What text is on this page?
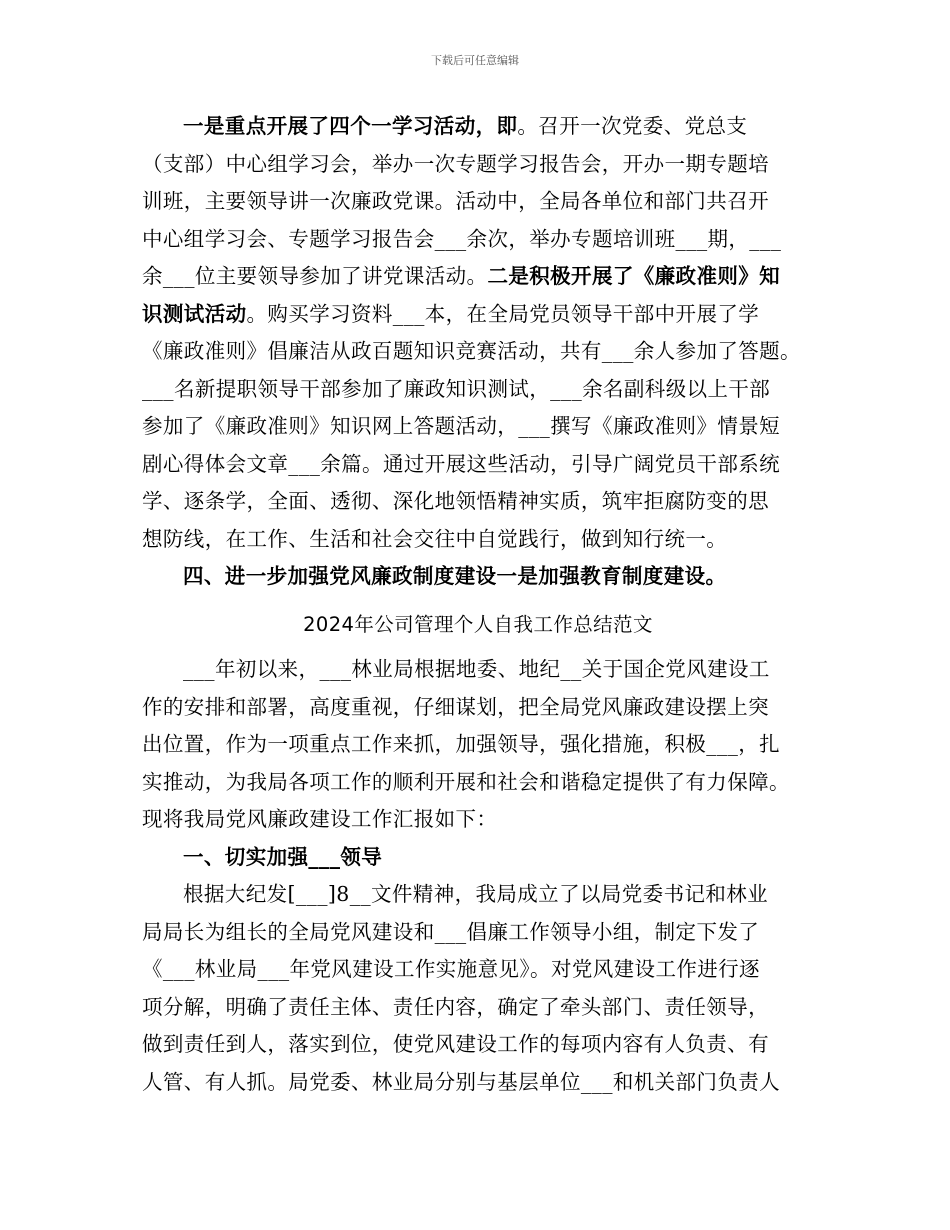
下载后可任意编辑
一是重点开展了四个一学习活动，即。召开一次党委、党总支
（支部）中心组学习会，举办一次专题学习报告会，开办一期专题培
训班，主要领导讲一次廉政党课。活动中，全局各单位和部门共召开
中心组学习会、专题学习报告会___余次，举办专题培训班___期，___
余___位主要领导参加了讲党课活动。二是积极开展了《廉政准则》知
识测试活动。购买学习资料___本，在全局党员领导干部中开展了学
《廉政准则》倡廉洁从政百题知识竞赛活动，共有___余人参加了答题。
___名新提职领导干部参加了廉政知识测试，___余名副科级以上干部
参加了《廉政准则》知识网上答题活动，___撰写《廉政准则》情景短
剧心得体会文章___余篇。通过开展这些活动，引导广阔党员干部系统
学、逐条学，全面、透彻、深化地领悟精神实质，筑牢拒腐防变的思
想防线，在工作、生活和社会交往中自觉践行，做到知行统一。
四、进一步加强党风廉政制度建设一是加强教育制度建设。
2024年公司管理个人自我工作总结范文
___年初以来，___林业局根据地委、地纪__关于国企党风建设工
作的安排和部署，高度重视，仔细谋划，把全局党风廉政建设摆上突
出位置，作为一项重点工作来抓，加强领导，强化措施，积极___，扎
实推动，为我局各项工作的顺利开展和社会和谐稳定提供了有力保障。
现将我局党风廉政建设工作汇报如下：
一、切实加强___领导
根据大纪发[___]8__文件精神，我局成立了以局党委书记和林业
局局长为组长的全局党风建设和___倡廉工作领导小组，制定下发了
《___林业局___年党风建设工作实施意见》。对党风建设工作进行逐
项分解，明确了责任主体、责任内容，确定了牵头部门、责任领导，
做到责任到人，落实到位，使党风建设工作的每项内容有人负责、有
人管、有人抓。局党委、林业局分别与基层单位___和机关部门负责人
